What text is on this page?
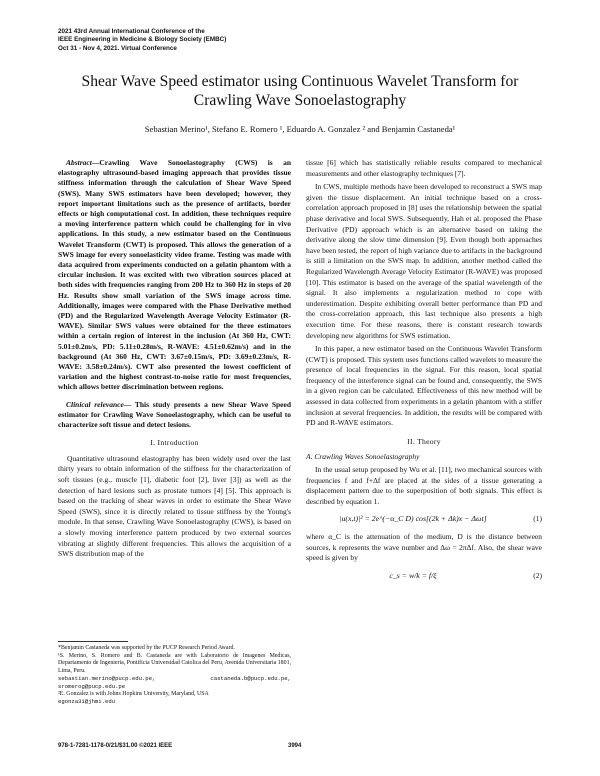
2021 43rd Annual International Conference of the
IEEE Engineering in Medicine & Biology Society (EMBC)
Oct 31 - Nov 4, 2021. Virtual Conference
Shear Wave Speed estimator using Continuous Wavelet Transform for
Crawling Wave Sonoelastography
Sebastian Merino¹, Stefano E. Romero ¹, Eduardo A. Gonzalez ² and Benjamin Castaneda¹

Abstract—Crawling Wave Sonoelastography (CWS) is an elastography ultrasound-based imaging approach that provides tissue stiffness information through the calculation of Shear Wave Speed (SWS). Many SWS estimators have been developed; however, they report important limitations such as the presence of artifacts, border effects or high computational cost. In addition, these techniques require a moving interference pattern which could be challenging for in vivo applications. In this study, a new estimator based on the Continuous Wavelet Transform (CWT) is proposed. This allows the generation of a SWS image for every sonoelasticity video frame. Testing was made with data acquired from experiments conducted on a gelatin phantom with a circular inclusion. It was excited with two vibration sources placed at both sides with frequencies ranging from 200 Hz to 360 Hz in steps of 20 Hz. Results show small variation of the SWS image across time. Additionally, images were compared with the Phase Derivative method (PD) and the Regularized Wavelength Average Velocity Estimator (R-WAVE). Similar SWS values were obtained for the three estimators within a certain region of interest in the inclusion (At 360 Hz, CWT: 5.01±0.2m/s, PD: 5.11±0.28m/s, R-WAVE: 4.51±0.62m/s) and in the background (At 360 Hz, CWT: 3.67±0.15m/s, PD: 3.69±0.23m/s, R-WAVE: 3.58±0.24m/s). CWT also presented the lowest coefficient of variation and the highest contrast-to-noise ratio for most frequencies, which allows better discrimination between regions.

Clinical relevance— This study presents a new Shear Wave Speed estimator for Crawling Wave Sonoelastography, which can be useful to characterize soft tissue and detect lesions.

I. Introduction

Quantitative ultrasound elastography has been widely used over the last thirty years to obtain information of the stiffness for the characterization of soft tissues (e.g., muscle [1], diabetic foot [2], liver [3]) as well as the detection of hard lesions such as prostate tumors [4] [5]. This approach is based on the tracking of shear waves in order to estimate the Shear Wave Speed (SWS), since it is directly related to tissue stiffness by the Young's module. In that sense, Crawling Wave Sonoelastography (CWS), is based on a slowly moving interference pattern produced by two external sources vibrating at slightly different frequencies. This allows the acquisition of a SWS distribution map of the

*Benjamin Castaneda was supported by the PUCP Research Period Award.
¹S. Merino, S. Romero and B. Castaneda are with Laboratorio de Imagenes Medicas, Departamento de Ingenieria, Pontificia Universidad Catolica del Peru, Avenida Universitaria 1801, Lima, Peru.
sebastian.merino@pucp.edu.pe, castaneda.b@pucp.edu.pe, sromerog@pucp.edu.pe
²E. Gonzalez is with Johns Hopkins University, Maryland, USA
egonza31@jhmi.edu

tissue [6] which has statistically reliable results compared to mechanical measurements and other elastography techniques [7].

In CWS, multiple methods have been developed to reconstruct a SWS map given the tissue displacement. An initial technique based on a cross-correlation approach proposed in [8] uses the relationship between the spatial phase derivative and local SWS. Subsequently, Hah et al. proposed the Phase Derivative (PD) approach which is an alternative based on taking the derivative along the slow time dimension [9]. Even though both approaches have been tested, the report of high variance due to artifacts in the background is still a limitation on the SWS map. In addition, another method called the Regularized Wavelength Average Velocity Estimator (R-WAVE) was proposed [10]. This estimator is based on the average of the spatial wavelength of the signal. It also implements a regularization method to cope with underestimation. Despite exhibiting overall better performance than PD and the cross-correlation approach, this last technique also presents a high execution time. For these reasons, there is constant research towards developing new algorithms for SWS estimation.

In this paper, a new estimator based on the Continuous Wavelet Transform (CWT) is proposed. This system uses functions called wavelets to measure the presence of local frequencies in the signal. For this reason, local spatial frequency of the interference signal can be found and, consequently, the SWS in a given region can be calculated. Effectiveness of this new method will be assessed in data collected from experiments in a gelatin phantom with a stiffer inclusion at several frequencies. In addition, the results will be compared with PD and R-WAVE estimators.

II. Theory
A. Crawling Waves Sonoelastography

In the usual setup proposed by Wu et al. [11], two mechanical sources with frequencies f and f+Δf are placed at the sides of a tissue generating a displacement pattern due to the superposition of both signals. This effect is described by equation 1.

|u(x,t)|² = 2e^(−α_C D) cos[(2k + Δk)x − Δωt]	(1)

where α_C is the attenuation of the medium, D is the distance between sources, k represents the wave number and Δω = 2πΔf. Also, the shear wave speed is given by

c_s = w/k = f/ξ	(2)
978-1-7281-1178-0/21/$31.00 ©2021 IEEE	3994
